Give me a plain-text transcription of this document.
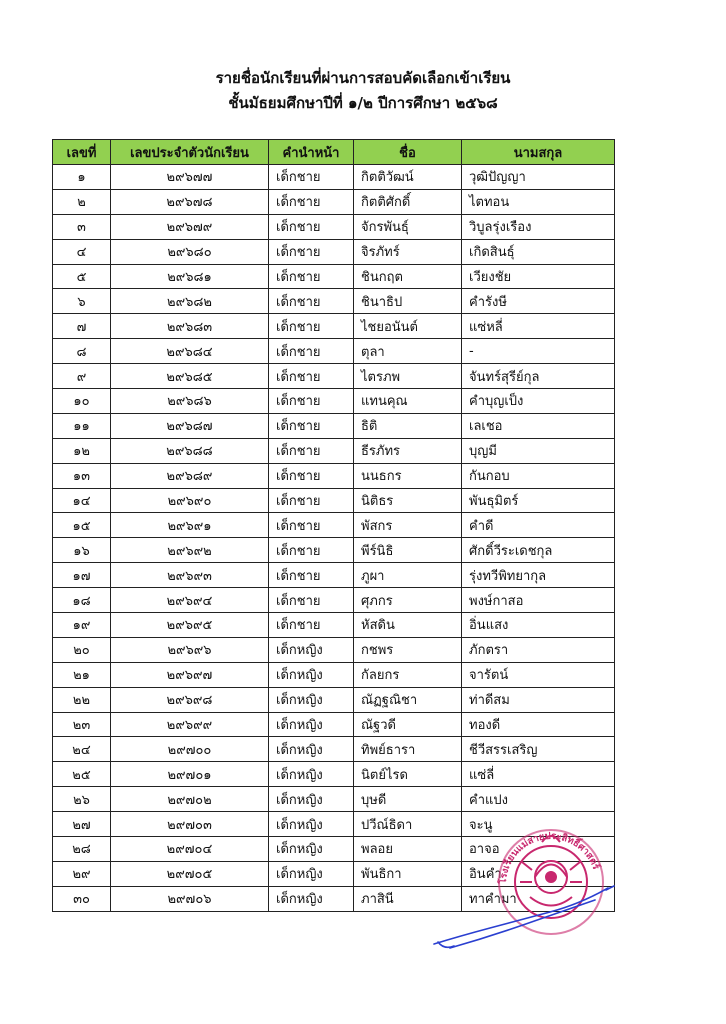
รายชื่อนักเรียนที่ผ่านการสอบคัดเลือกเข้าเรียน
ชั้นมัธยมศึกษาปีที่ ๑/๒ ปีการศึกษา ๒๕๖๘
เลขที่	เลขประจำตัวนักเรียน	คำนำหน้า	ชื่อ	นามสกุล
๑	๒๙๖๗๗	เด็กชาย	กิตติวัฒน์	วุฒิปัญญา
๒	๒๙๖๗๘	เด็กชาย	กิตติศักดิ์	ไตทอน
๓	๒๙๖๗๙	เด็กชาย	จักรพันธุ์	วิบูลรุ่งเรือง
๔	๒๙๖๘๐	เด็กชาย	จิรภัทร์	เกิดสินธุ์
๕	๒๙๖๘๑	เด็กชาย	ชินกฤต	เวียงชัย
๖	๒๙๖๘๒	เด็กชาย	ชินาธิป	คำรังษี
๗	๒๙๖๘๓	เด็กชาย	ไชยอนันต์	แซ่หลี่
๘	๒๙๖๘๔	เด็กชาย	ตุลา	-
๙	๒๙๖๘๕	เด็กชาย	ไตรภพ	จันทร์สุรีย์กุล
๑๐	๒๙๖๘๖	เด็กชาย	แทนคุณ	คำบุญเป็ง
๑๑	๒๙๖๘๗	เด็กชาย	ธิติ	เลเชอ
๑๒	๒๙๖๘๘	เด็กชาย	ธีรภัทร	บุญมี
๑๓	๒๙๖๘๙	เด็กชาย	นนธกร	กันกอบ
๑๔	๒๙๖๙๐	เด็กชาย	นิติธร	พันธุมิตร์
๑๕	๒๙๖๙๑	เด็กชาย	พัสกร	คำดี
๑๖	๒๙๖๙๒	เด็กชาย	พีร์นิธิ	ศักดิ์วีระเดชกุล
๑๗	๒๙๖๙๓	เด็กชาย	ภูผา	รุ่งทวีพิทยากุล
๑๘	๒๙๖๙๔	เด็กชาย	ศุภกร	พงษ์กาสอ
๑๙	๒๙๖๙๕	เด็กชาย	หัสดิน	อิ่นแสง
๒๐	๒๙๖๙๖	เด็กหญิง	กชพร	ภักตรา
๒๑	๒๙๖๙๗	เด็กหญิง	กัลยกร	จารัตน์
๒๒	๒๙๖๙๘	เด็กหญิง	ณัฏฐณิชา	ท่าดีสม
๒๓	๒๙๖๙๙	เด็กหญิง	ณัฐวดี	ทองดี
๒๔	๒๙๗๐๐	เด็กหญิง	ทิพย์ธารา	ชีวีสรรเสริญ
๒๕	๒๙๗๐๑	เด็กหญิง	นิตย์ไรด	แซ่ลี่
๒๖	๒๙๗๐๒	เด็กหญิง	บุษดี	คำแปง
๒๗	๒๙๗๐๓	เด็กหญิง	ปวีณ์ธิดา	จะนู
๒๘	๒๙๗๐๔	เด็กหญิง	พลอย	อาจอ
๒๙	๒๙๗๐๕	เด็กหญิง	พันธิกา	อินคำ
๓๐	๒๙๗๐๖	เด็กหญิง	ภาสินี	ทาคำมา
โรงเรียนแม่สายประสิทธิ์ศาสตร์
